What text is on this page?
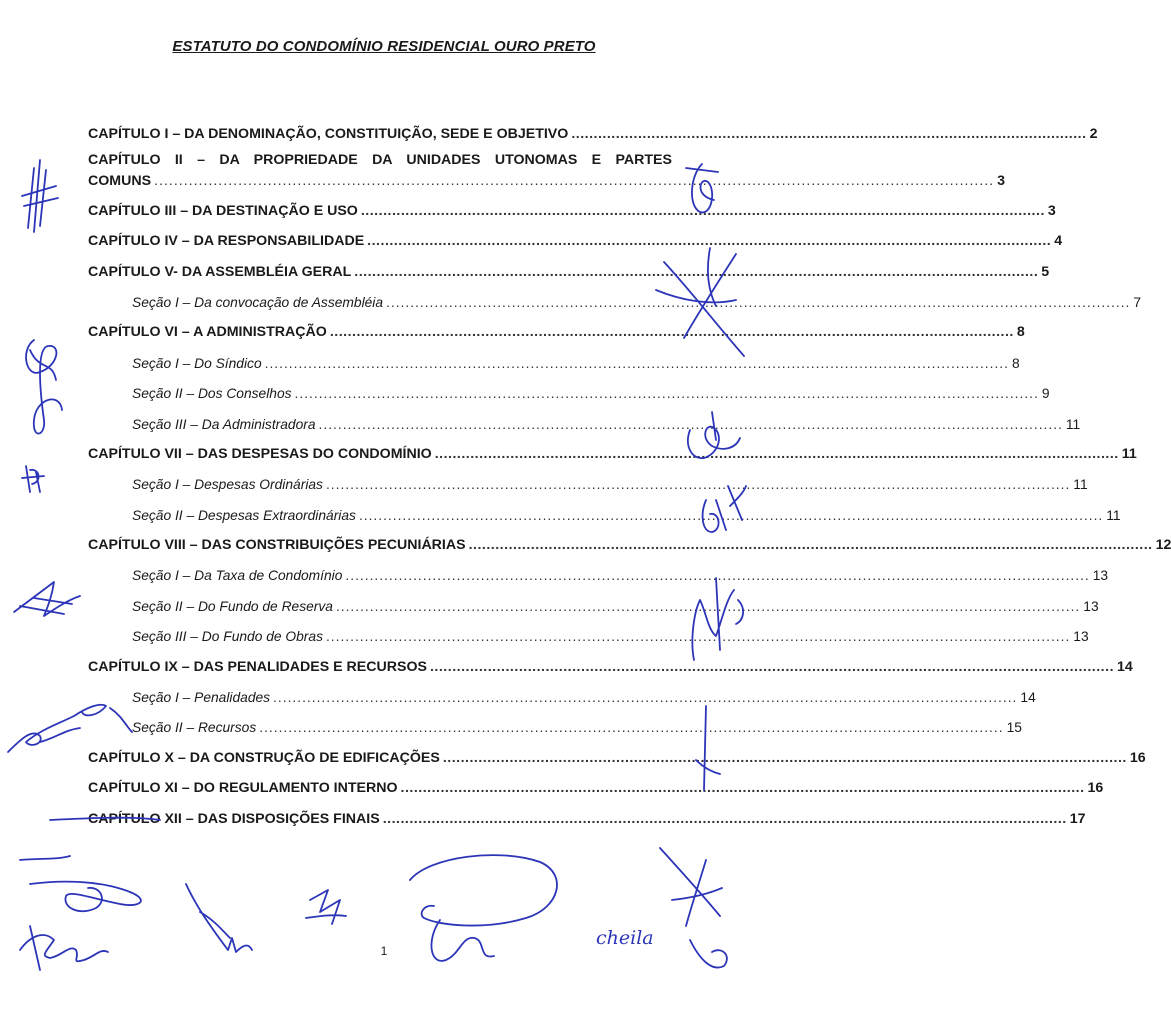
ESTATUTO DO CONDOMÍNIO RESIDENCIAL OURO PRETO
CAPÍTULO I – DA DENOMINAÇÃO, CONSTITUIÇÃO, SEDE E OBJETIVO .................................................................................................................... 2
CAPÍTULO II – DA PROPRIEDADE DA UNIDADES UTONOMAS E PARTES
COMUNS .......................................................................................................................................................................... 3
CAPÍTULO III – DA DESTINAÇÃO E USO .......................................................................................................................................................... 3
CAPÍTULO IV – DA RESPONSABILIDADE .......................................................................................................................................................... 4
CAPÍTULO V- DA ASSEMBLÉIA GERAL .......................................................................................................................................................... 5
Seção I – Da convocação de Assembléia .......................................................................................................................................................... 7
CAPÍTULO VI – A ADMINISTRAÇÃO .......................................................................................................................................................... 8
Seção I – Do Síndico .......................................................................................................................................................... 8
Seção II – Dos Conselhos .......................................................................................................................................................... 9
Seção III – Da Administradora .......................................................................................................................................................... 11
CAPÍTULO VII – DAS DESPESAS DO CONDOMÍNIO .......................................................................................................................................................... 11
Seção I – Despesas Ordinárias .......................................................................................................................................................... 11
Seção II – Despesas Extraordinárias .......................................................................................................................................................... 11
CAPÍTULO VIII – DAS CONSTRIBUIÇÕES PECUNIÁRIAS .......................................................................................................................................................... 12
Seção I – Da Taxa de Condomínio .......................................................................................................................................................... 13
Seção II – Do Fundo de Reserva .......................................................................................................................................................... 13
Seção III – Do Fundo de Obras .......................................................................................................................................................... 13
CAPÍTULO IX – DAS PENALIDADES E RECURSOS .......................................................................................................................................................... 14
Seção I – Penalidades .......................................................................................................................................................... 14
Seção II – Recursos .......................................................................................................................................................... 15
CAPÍTULO X – DA CONSTRUÇÃO DE EDIFICAÇÕES .......................................................................................................................................................... 16
CAPÍTULO XI – DO REGULAMENTO INTERNO .......................................................................................................................................................... 16
CAPÍTULO XII – DAS DISPOSIÇÕES FINAIS .......................................................................................................................................................... 17
1
cheila
